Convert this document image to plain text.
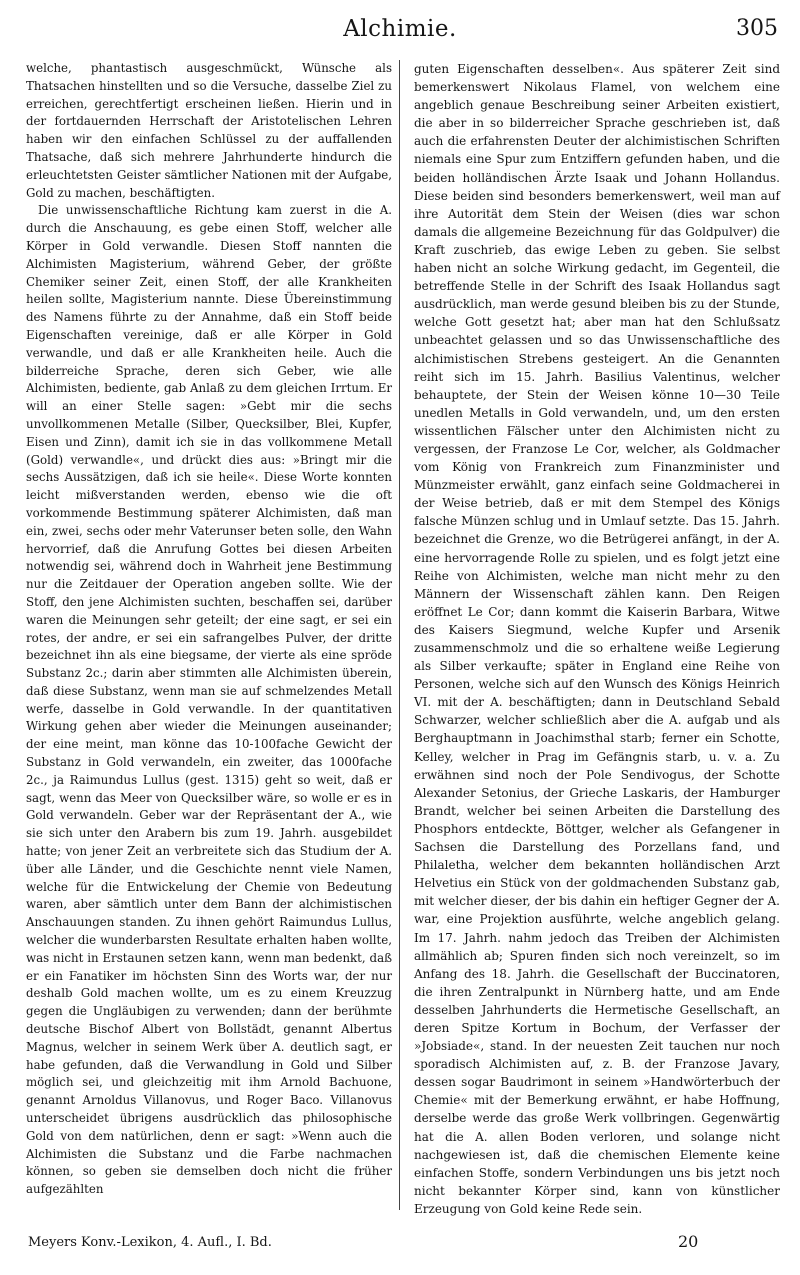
Alchimie.	305

welche, phantastisch ausgeschmückt, Wünsche als Thatsachen hinstellten und so die Versuche, dasselbe Ziel zu erreichen, gerechtfertigt erscheinen ließen. Hierin und in der fortdauernden Herrschaft der Aristotelischen Lehren haben wir den einfachen Schlüssel zu der auffallenden Thatsache, daß sich mehrere Jahrhunderte hindurch die erleuchtetsten Geister sämtlicher Nationen mit der Aufgabe, Gold zu machen, beschäftigten.

Die unwissenschaftliche Richtung kam zuerst in die A. durch die Anschauung, es gebe einen Stoff, welcher alle Körper in Gold verwandle. Diesen Stoff nannten die Alchimisten Magisterium, während Geber, der größte Chemiker seiner Zeit, einen Stoff, der alle Krankheiten heilen sollte, Magisterium nannte. Diese Übereinstimmung des Namens führte zu der Annahme, daß ein Stoff beide Eigenschaften vereinige, daß er alle Körper in Gold verwandle, und daß er alle Krankheiten heile. Auch die bilderreiche Sprache, deren sich Geber, wie alle Alchimisten, bediente, gab Anlaß zu dem gleichen Irrtum. Er will an einer Stelle sagen: »Gebt mir die sechs unvollkommenen Metalle (Silber, Quecksilber, Blei, Kupfer, Eisen und Zinn), damit ich sie in das vollkommene Metall (Gold) verwandle«, und drückt dies aus: »Bringt mir die sechs Aussätzigen, daß ich sie heile«. Diese Worte konnten leicht mißverstanden werden, ebenso wie die oft vorkommende Bestimmung späterer Alchimisten, daß man ein, zwei, sechs oder mehr Vaterunser beten solle, den Wahn hervorrief, daß die Anrufung Gottes bei diesen Arbeiten notwendig sei, während doch in Wahrheit jene Bestimmung nur die Zeitdauer der Operation angeben sollte. Wie der Stoff, den jene Alchimisten suchten, beschaffen sei, darüber waren die Meinungen sehr geteilt; der eine sagt, er sei ein rotes, der andre, er sei ein safrangelbes Pulver, der dritte bezeichnet ihn als eine biegsame, der vierte als eine spröde Substanz 2c.; darin aber stimmten alle Alchimisten überein, daß diese Substanz, wenn man sie auf schmelzendes Metall werfe, dasselbe in Gold verwandle. In der quantitativen Wirkung gehen aber wieder die Meinungen auseinander; der eine meint, man könne das 10-100fache Gewicht der Substanz in Gold verwandeln, ein zweiter, das 1000fache 2c., ja Raimundus Lullus (gest. 1315) geht so weit, daß er sagt, wenn das Meer von Quecksilber wäre, so wolle er es in Gold verwandeln. Geber war der Repräsentant der A., wie sie sich unter den Arabern bis zum 19. Jahrh. ausgebildet hatte; von jener Zeit an verbreitete sich das Studium der A. über alle Länder, und die Geschichte nennt viele Namen, welche für die Entwickelung der Chemie von Bedeutung waren, aber sämtlich unter dem Bann der alchimistischen Anschauungen standen. Zu ihnen gehört Raimundus Lullus, welcher die wunderbarsten Resultate erhalten haben wollte, was nicht in Erstaunen setzen kann, wenn man bedenkt, daß er ein Fanatiker im höchsten Sinn des Worts war, der nur deshalb Gold machen wollte, um es zu einem Kreuzzug gegen die Ungläubigen zu verwenden; dann der berühmte deutsche Bischof Albert von Bollstädt, genannt Albertus Magnus, welcher in seinem Werk über A. deutlich sagt, er habe gefunden, daß die Verwandlung in Gold und Silber möglich sei, und gleichzeitig mit ihm Arnold Bachuone, genannt Arnoldus Villanovus, und Roger Baco. Villanovus unterscheidet übrigens ausdrücklich das philosophische Gold von dem natürlichen, denn er sagt: »Wenn auch die Alchimisten die Substanz und die Farbe nachmachen können, so geben sie demselben doch nicht die früher aufgezählten

guten Eigenschaften desselben«. Aus späterer Zeit sind bemerkenswert Nikolaus Flamel, von welchem eine angeblich genaue Beschreibung seiner Arbeiten existiert, die aber in so bilderreicher Sprache geschrieben ist, daß auch die erfahrensten Deuter der alchimistischen Schriften niemals eine Spur zum Entziffern gefunden haben, und die beiden holländischen Ärzte Isaak und Johann Hollandus. Diese beiden sind besonders bemerkenswert, weil man auf ihre Autorität dem Stein der Weisen (dies war schon damals die allgemeine Bezeichnung für das Goldpulver) die Kraft zuschrieb, das ewige Leben zu geben. Sie selbst haben nicht an solche Wirkung gedacht, im Gegenteil, die betreffende Stelle in der Schrift des Isaak Hollandus sagt ausdrücklich, man werde gesund bleiben bis zu der Stunde, welche Gott gesetzt hat; aber man hat den Schlußsatz unbeachtet gelassen und so das Unwissenschaftliche des alchimistischen Strebens gesteigert. An die Genannten reiht sich im 15. Jahrh. Basilius Valentinus, welcher behauptete, der Stein der Weisen könne 10—30 Teile unedlen Metalls in Gold verwandeln, und, um den ersten wissentlichen Fälscher unter den Alchimisten nicht zu vergessen, der Franzose Le Cor, welcher, als Goldmacher vom König von Frankreich zum Finanzminister und Münzmeister erwählt, ganz einfach seine Goldmacherei in der Weise betrieb, daß er mit dem Stempel des Königs falsche Münzen schlug und in Umlauf setzte. Das 15. Jahrh. bezeichnet die Grenze, wo die Betrügerei anfängt, in der A. eine hervorragende Rolle zu spielen, und es folgt jetzt eine Reihe von Alchimisten, welche man nicht mehr zu den Männern der Wissenschaft zählen kann. Den Reigen eröffnet Le Cor; dann kommt die Kaiserin Barbara, Witwe des Kaisers Siegmund, welche Kupfer und Arsenik zusammenschmolz und die so erhaltene weiße Legierung als Silber verkaufte; später in England eine Reihe von Personen, welche sich auf den Wunsch des Königs Heinrich VI. mit der A. beschäftigten; dann in Deutschland Sebald Schwarzer, welcher schließlich aber die A. aufgab und als Berghauptmann in Joachimsthal starb; ferner ein Schotte, Kelley, welcher in Prag im Gefängnis starb, u. v. a. Zu erwähnen sind noch der Pole Sendivogus, der Schotte Alexander Setonius, der Grieche Laskaris, der Hamburger Brandt, welcher bei seinen Arbeiten die Darstellung des Phosphors entdeckte, Böttger, welcher als Gefangener in Sachsen die Darstellung des Porzellans fand, und Philaletha, welcher dem bekannten holländischen Arzt Helvetius ein Stück von der goldmachenden Substanz gab, mit welcher dieser, der bis dahin ein heftiger Gegner der A. war, eine Projektion ausführte, welche angeblich gelang. Im 17. Jahrh. nahm jedoch das Treiben der Alchimisten allmählich ab; Spuren finden sich noch vereinzelt, so im Anfang des 18. Jahrh. die Gesellschaft der Buccinatoren, die ihren Zentralpunkt in Nürnberg hatte, und am Ende desselben Jahrhunderts die Hermetische Gesellschaft, an deren Spitze Kortum in Bochum, der Verfasser der »Jobsiade«, stand. In der neuesten Zeit tauchen nur noch sporadisch Alchimisten auf, z. B. der Franzose Javary, dessen sogar Baudrimont in seinem »Handwörterbuch der Chemie« mit der Bemerkung erwähnt, er habe Hoffnung, derselbe werde das große Werk vollbringen. Gegenwärtig hat die A. allen Boden verloren, und solange nicht nachgewiesen ist, daß die chemischen Elemente keine einfachen Stoffe, sondern Verbindungen uns bis jetzt noch nicht bekannter Körper sind, kann von künstlicher Erzeugung von Gold keine Rede sein.

Meyers Konv.-Lexikon, 4. Aufl., I. Bd.	20
